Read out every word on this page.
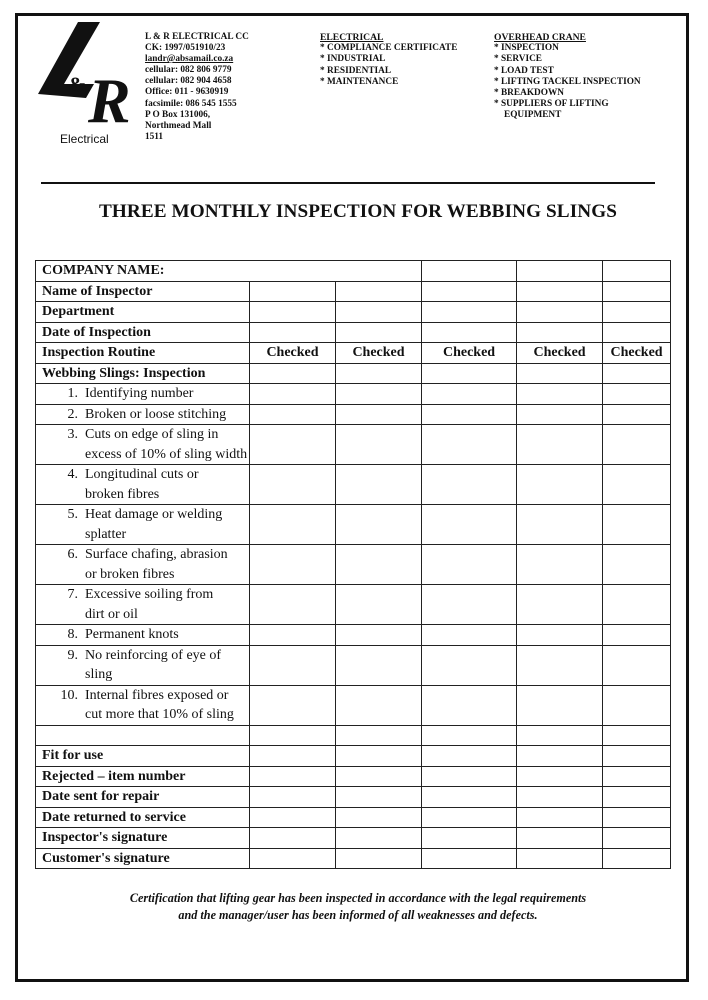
& R
Electrical
L & R ELECTRICAL CC
CK: 1997/051910/23
landr@absamail.co.za
cellular: 082 806 9779
cellular: 082 904 4658
Office: 011 - 9630919
facsimile: 086 545 1555
P O Box 131006,
Northmead Mall
1511
ELECTRICAL
* COMPLIANCE CERTIFICATE
* INDUSTRIAL
* RESIDENTIAL
* MAINTENANCE
OVERHEAD CRANE
* INSPECTION
* SERVICE
* LOAD TEST
* LIFTING TACKEL INSPECTION
* BREAKDOWN
* SUPPLIERS OF LIFTING EQUIPMENT
THREE MONTHLY INSPECTION FOR WEBBING SLINGS
COMPANY NAME:					
Name of Inspector					
Department					
Date of Inspection					
Inspection Routine	Checked	Checked	Checked	Checked	Checked
Webbing Slings: Inspection					
1. Identifying number					
2. Broken or loose stitching					
3. Cuts on edge of sling in
excess of 10% of sling width					

4. Longitudinal cuts or
broken fibres					

5. Heat damage or welding
splatter					

6. Surface chafing, abrasion
or broken fibres					

7. Excessive soiling from
dirt or oil					

8. Permanent knots					
9. No reinforcing of eye of
sling					

10. Internal fibres exposed or
cut more that 10% of sling					

Fit for use					
Rejected – item number					
Date sent for repair					
Date returned to service					
Inspector's signature					
Customer's signature					
Certification that lifting gear has been inspected in accordance with the legal requirements
and the manager/user has been informed of all weaknesses and defects.
